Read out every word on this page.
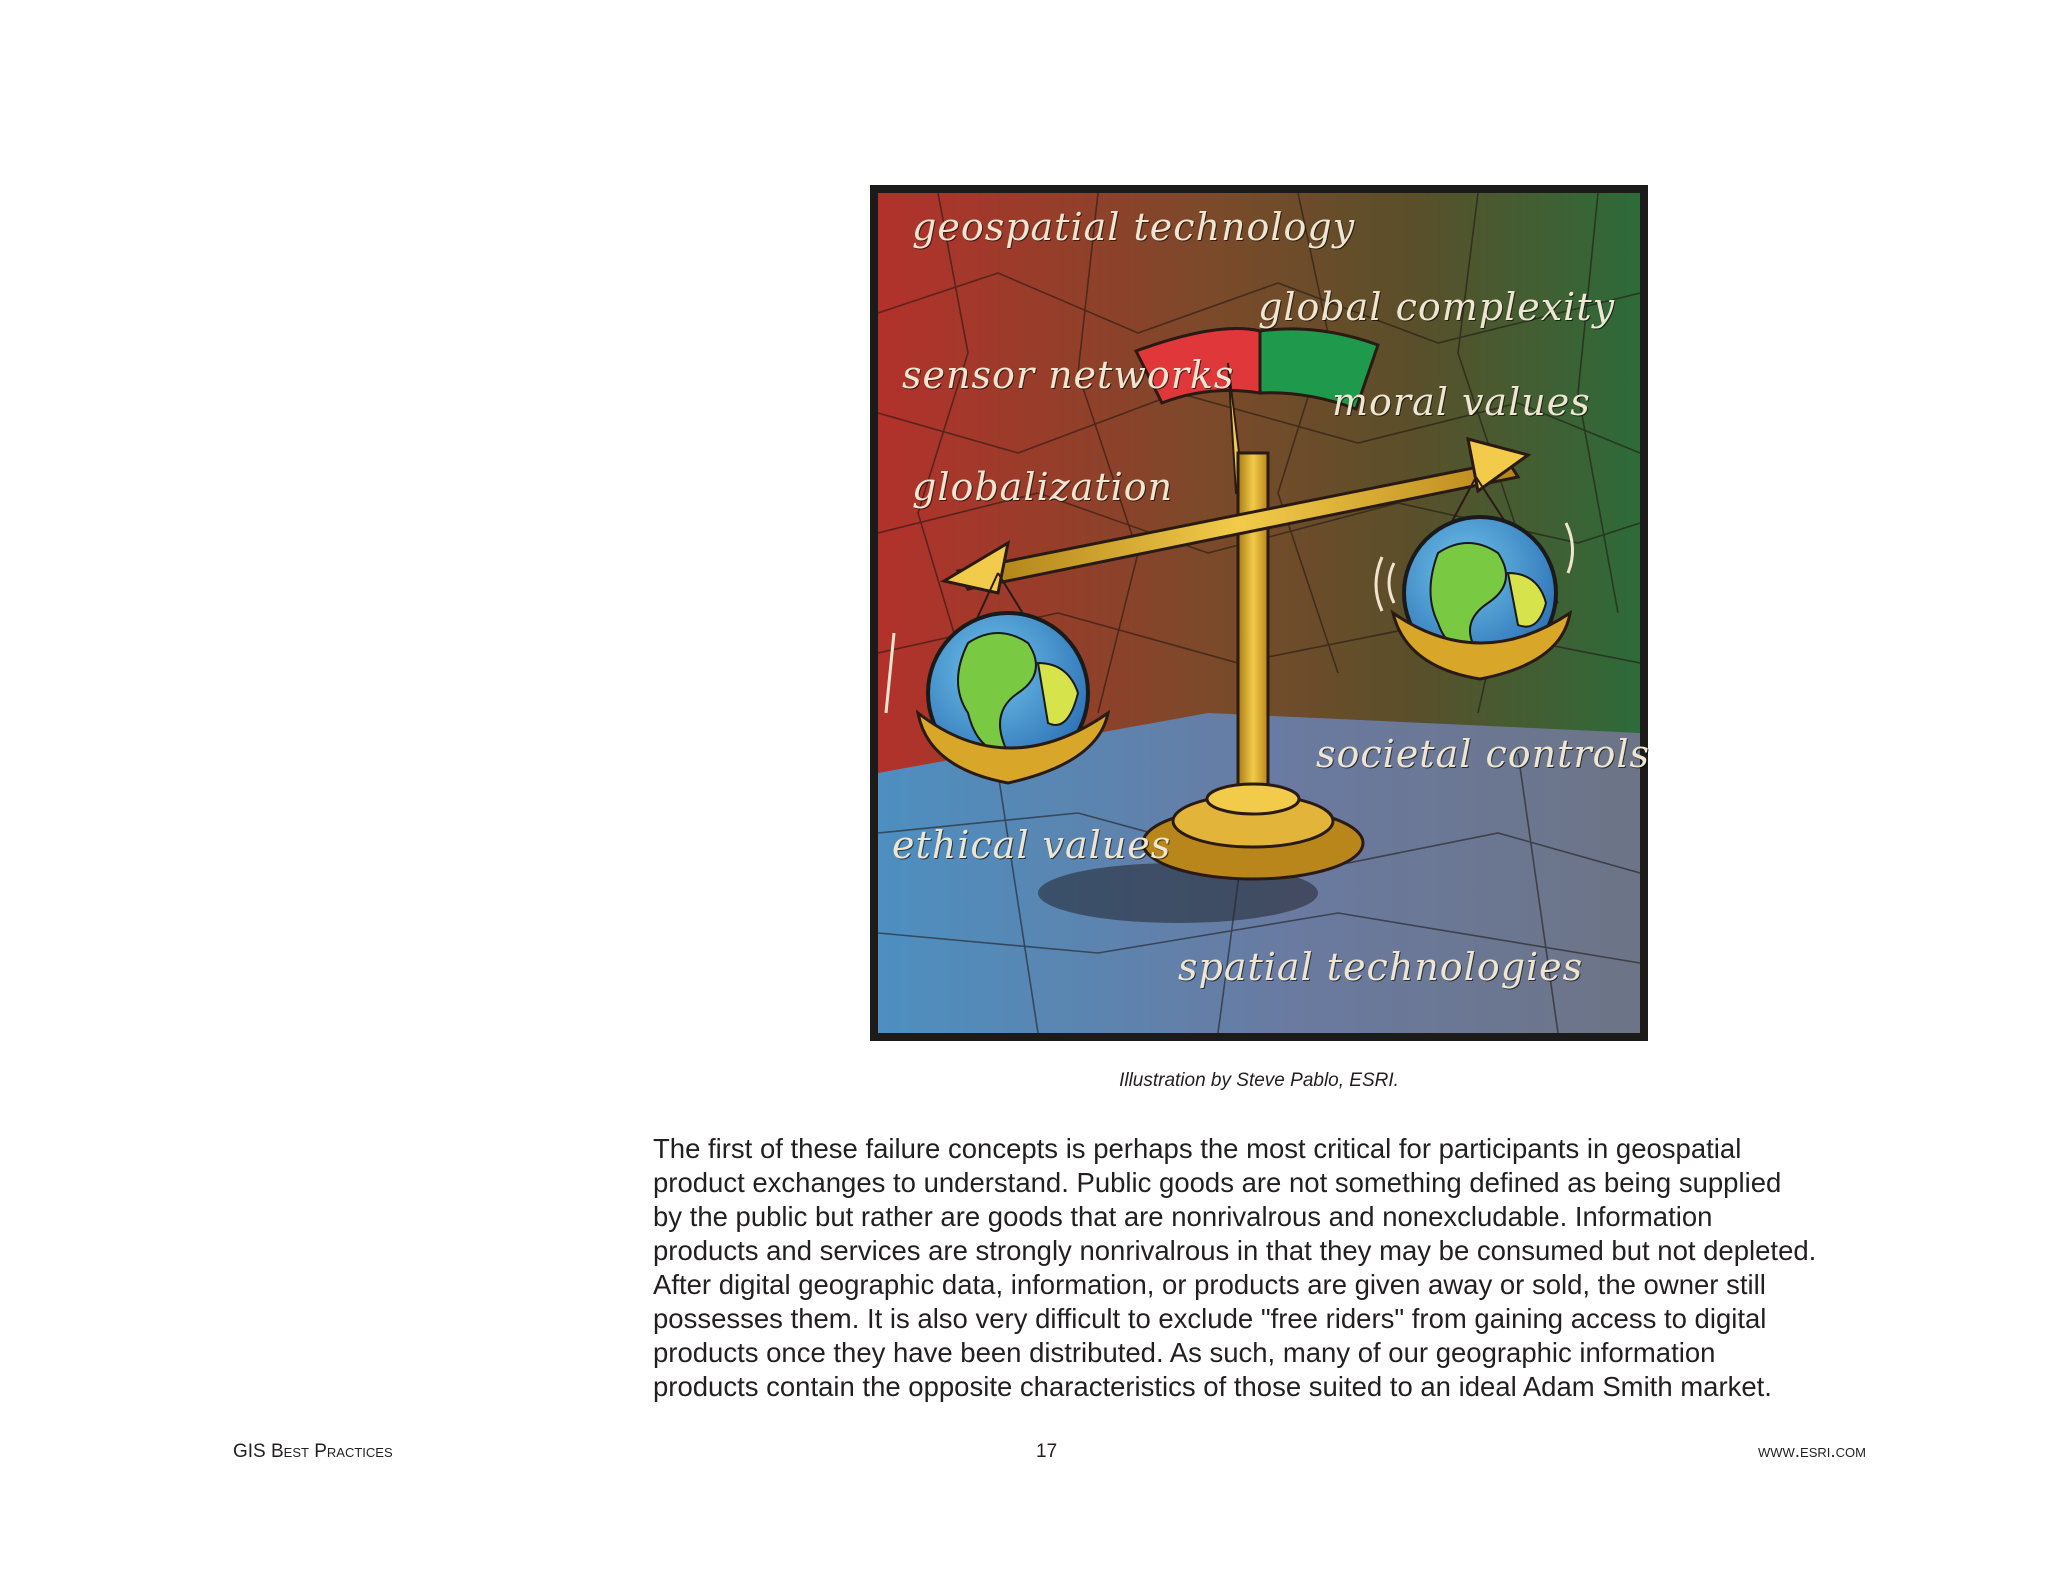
geospatial technology
global complexity
sensor networks
moral values
globalization
societal controls
ethical values
spatial technologies
Illustration by Steve Pablo, ESRI.

The first of these failure concepts is perhaps the most critical for participants in geospatial
product exchanges to understand. Public goods are not something defined as being supplied
by the public but rather are goods that are nonrivalrous and nonexcludable. Information
products and services are strongly nonrivalrous in that they may be consumed but not depleted.
After digital geographic data, information, or products are given away or sold, the owner still
possesses them. It is also very difficult to exclude "free riders" from gaining access to digital
products once they have been distributed. As such, many of our geographic information
products contain the opposite characteristics of those suited to an ideal Adam Smith market.

GIS Best Practices	17	www.esri.com
